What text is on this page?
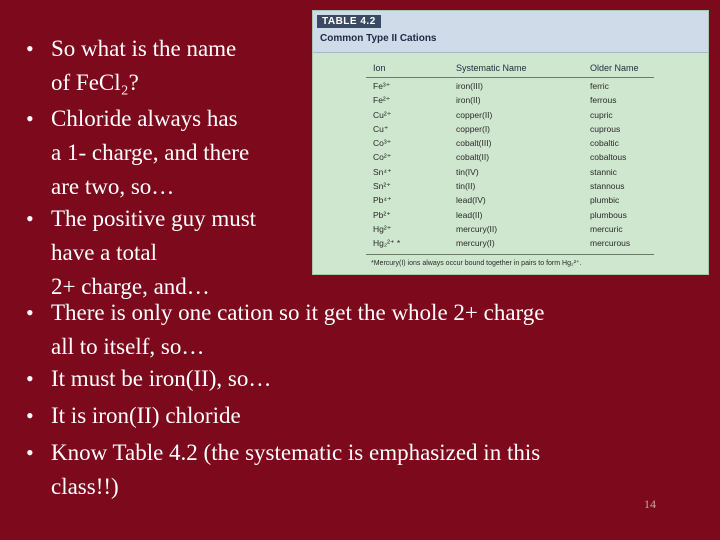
TABLE 4.2
Common Type II Cations
Ion	Systematic Name	Older Name
Fe³⁺	iron(III)	ferric
Fe²⁺	iron(II)	ferrous
Cu²⁺	copper(II)	cupric
Cu⁺	copper(I)	cuprous
Co³⁺	cobalt(III)	cobaltic
Co²⁺	cobalt(II)	cobaltous
Sn⁴⁺	tin(IV)	stannic
Sn²⁺	tin(II)	stannous
Pb⁴⁺	lead(IV)	plumbic
Pb²⁺	lead(II)	plumbous
Hg²⁺	mercury(II)	mercuric
Hg₂²⁺ *	mercury(I)	mercurous
*Mercury(I) ions always occur bound together in pairs to form Hg₂²⁺.
• So what is the name
of FeCl₂?
• Chloride always has
a 1- charge, and there
are two, so…
• The positive guy must
have a total
2+ charge, and…
• There is only one cation so it get the whole 2+ charge
all to itself, so…
• It must be iron(II), so…
• It is iron(II) chloride
• Know Table 4.2 (the systematic is emphasized in this
class!!)
14
